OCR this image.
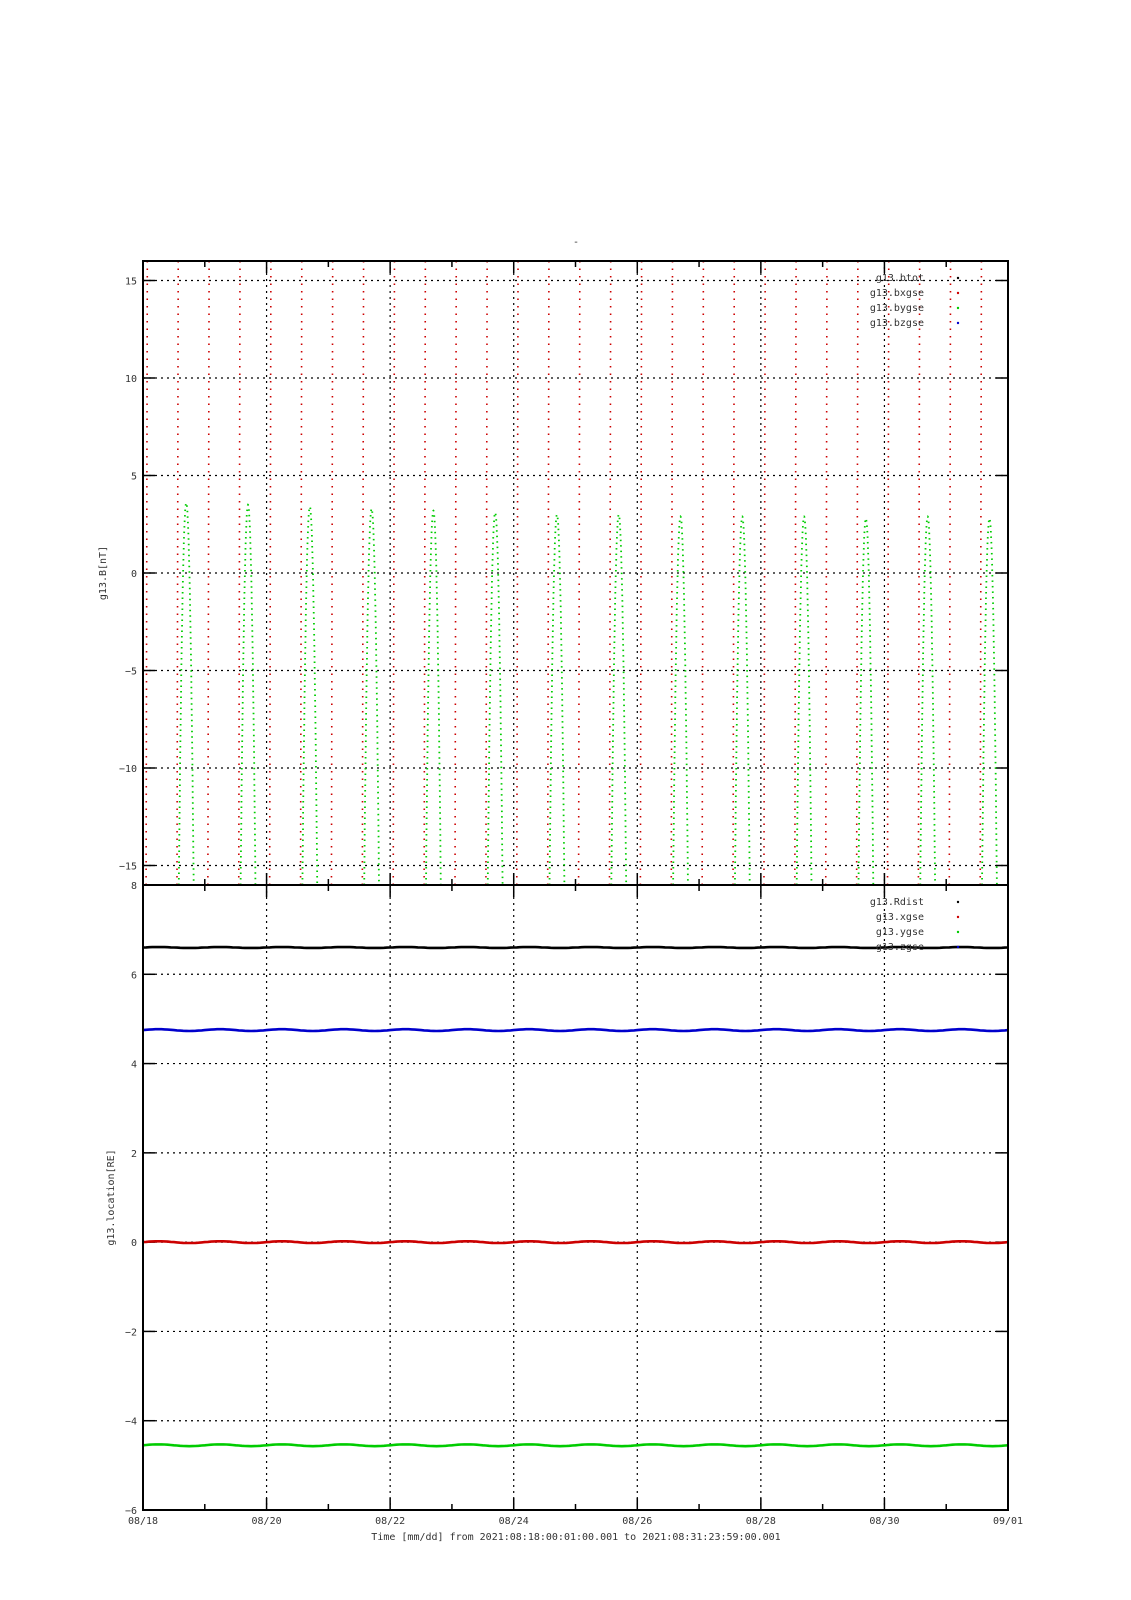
-
15
10
5
0
−5
−10
−15
g13.B[nT]
g13.btot
g13.bxgse
g13.bygse
g13.bzgse
8
6
4
2
0
−2
−4
−6
08/18	08/20	08/22	08/24	08/26	08/28	08/30	09/01
g13.location[RE]
g13.Rdist
g13.xgse
g13.ygse
g13.zgse
Time [mm/dd] from 2021:08:18:00:01:00.001 to 2021:08:31:23:59:00.001
